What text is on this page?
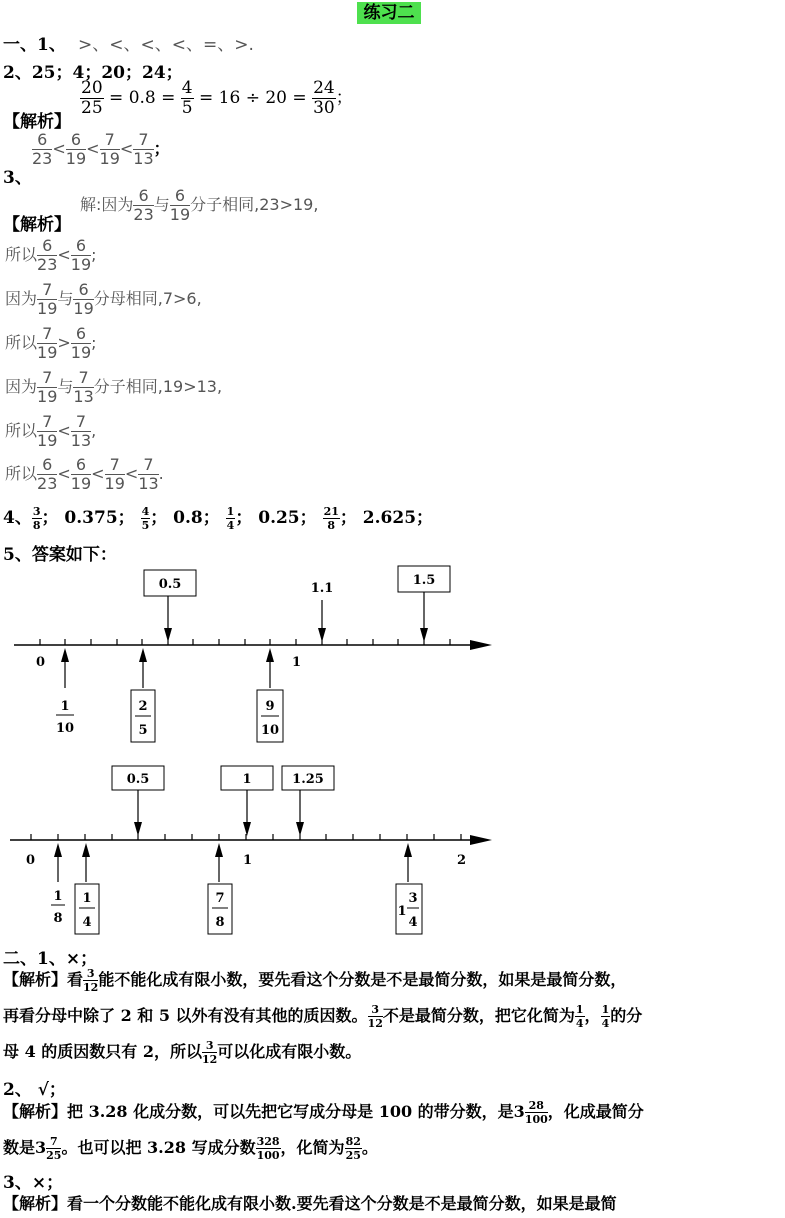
练习二
一、1、 >、<、<、<、=、>.
2、25；4；20；24；
【解析】
$\frac{20}{25} = 0.8 = \frac{4}{5} = 16 \div 20 = \frac{24}{30}$ ；
3、
$\frac{6}{23} < \frac{6}{19} < \frac{7}{19} < \frac{7}{13}$ ；
【解析】
解:因为 $\frac{6}{23}$ 与 $\frac{6}{19}$ 分子相同,23>19,
所以 $\frac{6}{23} < \frac{6}{19}$ ;
因为 $\frac{7}{19}$ 与 $\frac{6}{19}$ 分母相同,7>6,
所以 $\frac{7}{19} > \frac{6}{19}$ ;
因为 $\frac{7}{19}$ 与 $\frac{7}{13}$ 分子相同,19>13,
所以 $\frac{7}{19} < \frac{7}{13}$ ,
所以 $\frac{6}{23} < \frac{6}{19} < \frac{7}{19} < \frac{7}{13}$ .
4、 $\frac{3}{8}$ ； 0.375； $\frac{4}{5}$ ； 0.8； $\frac{1}{4}$ ； 0.25； $\frac{21}{8}$ ； 2.625；
5、答案如下：
0	1
0.5	1.1
1.5
1
10
2
5
9
10
0	1	2
0.5	1	1.25
1
8
1
4
7
8
1
3
4
二、1、×；
【解析】看 $\frac{3}{12}$ 能不能化成有限小数，要先看这个分数是不是最简分数，如果是最简分数，
再看分母中除了 2 和 5 以外有没有其他的质因数。 $\frac{3}{12}$ 不是最简分数，把它化简为 $\frac{1}{4}$ ， $\frac{1}{4}$ 的分
母 4 的质因数只有 2，所以 $\frac{3}{12}$ 可以化成有限小数。
2、 √；
【解析】把 3.28 化成分数，可以先把它写成分母是 100 的带分数，是$3 \frac{28}{100}$ ，化成最简分
数是$3 \frac{7}{25}$ 。也可以把 3.28 写成分数 $\frac{328}{100}$ ，化简为 $\frac{82}{25}$ 。
3、×；
【解析】看一个分数能不能化成有限小数.要先看这个分数是不是最简分数，如果是最简
